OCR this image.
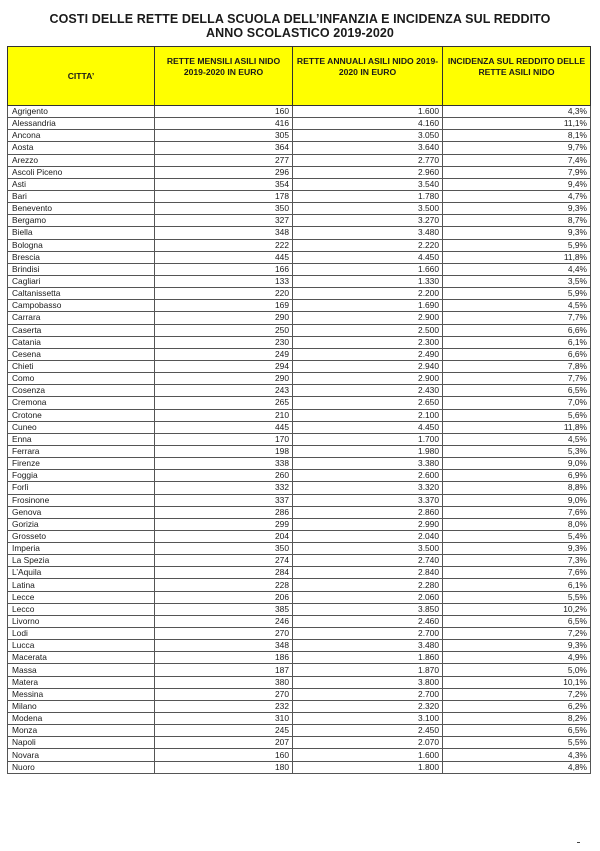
COSTI DELLE RETTE DELLA SCUOLA DELL’INFANZIA E INCIDENZA SUL REDDITO
ANNO SCOLASTICO 2019-2020
CITTA’	RETTE MENSILI ASILI NIDO 2019-2020 IN EURO	RETTE ANNUALI ASILI NIDO 2019-2020 IN EURO	INCIDENZA SUL REDDITO DELLE RETTE ASILI NIDO
Agrigento	160	1.600	4,3%
Alessandria	416	4.160	11,1%
Ancona	305	3.050	8,1%
Aosta	364	3.640	9,7%
Arezzo	277	2.770	7,4%
Ascoli Piceno	296	2.960	7,9%
Asti	354	3.540	9,4%
Bari	178	1.780	4,7%
Benevento	350	3.500	9,3%
Bergamo	327	3.270	8,7%
Biella	348	3.480	9,3%
Bologna	222	2.220	5,9%
Brescia	445	4.450	11,8%
Brindisi	166	1.660	4,4%
Cagliari	133	1.330	3,5%
Caltanissetta	220	2.200	5,9%
Campobasso	169	1.690	4,5%
Carrara	290	2.900	7,7%
Caserta	250	2.500	6,6%
Catania	230	2.300	6,1%
Cesena	249	2.490	6,6%
Chieti	294	2.940	7,8%
Como	290	2.900	7,7%
Cosenza	243	2.430	6,5%
Cremona	265	2.650	7,0%
Crotone	210	2.100	5,6%
Cuneo	445	4.450	11,8%
Enna	170	1.700	4,5%
Ferrara	198	1.980	5,3%
Firenze	338	3.380	9,0%
Foggia	260	2.600	6,9%
Forlì	332	3.320	8,8%
Frosinone	337	3.370	9,0%
Genova	286	2.860	7,6%
Gorizia	299	2.990	8,0%
Grosseto	204	2.040	5,4%
Imperia	350	3.500	9,3%
La Spezia	274	2.740	7,3%
L’Aquila	284	2.840	7,6%
Latina	228	2.280	6,1%
Lecce	206	2.060	5,5%
Lecco	385	3.850	10,2%
Livorno	246	2.460	6,5%
Lodi	270	2.700	7,2%
Lucca	348	3.480	9,3%
Macerata	186	1.860	4,9%
Massa	187	1.870	5,0%
Matera	380	3.800	10,1%
Messina	270	2.700	7,2%
Milano	232	2.320	6,2%
Modena	310	3.100	8,2%
Monza	245	2.450	6,5%
Napoli	207	2.070	5,5%
Novara	160	1.600	4,3%
Nuoro	180	1.800	4,8%
